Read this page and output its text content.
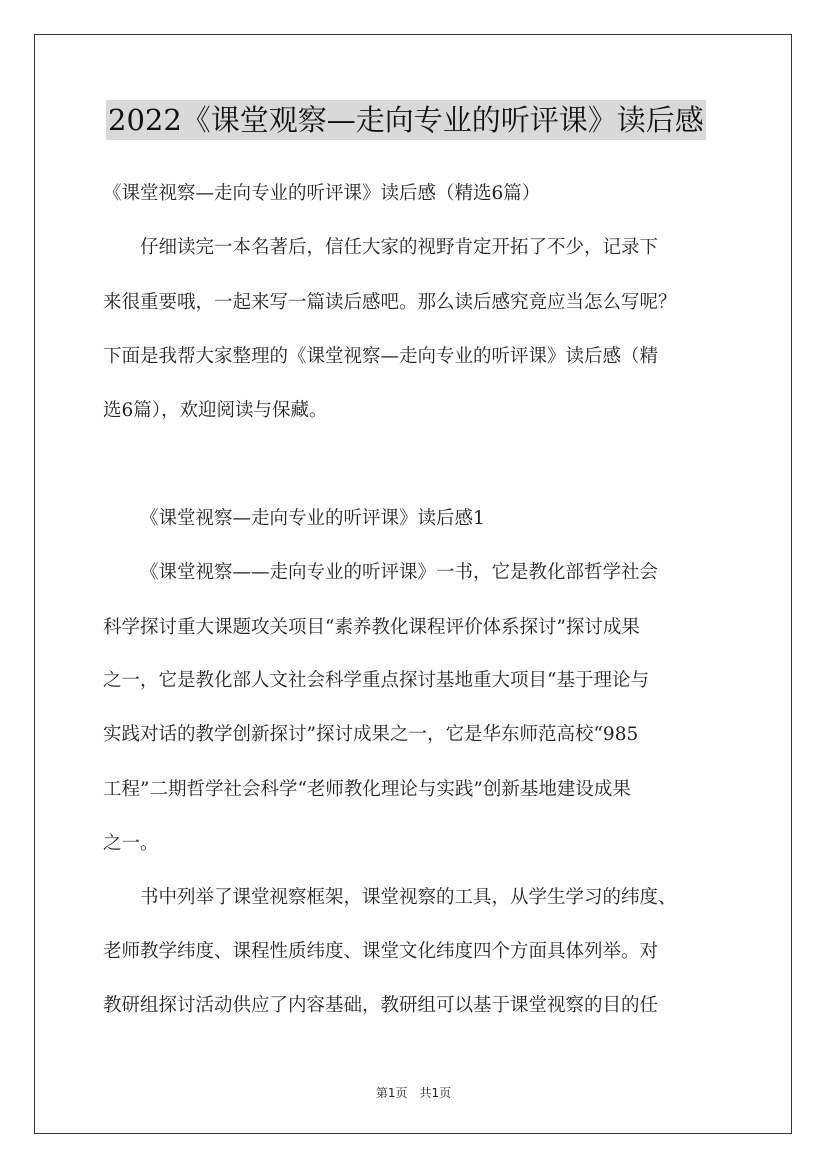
2022《课堂观察—走向专业的听评课》读后感
《课堂视察—走向专业的听评课》读后感（精选6篇）
仔细读完一本名著后，信任大家的视野肯定开拓了不少，记录下
来很重要哦，一起来写一篇读后感吧。那么读后感究竟应当怎么写呢？
下面是我帮大家整理的《课堂视察—走向专业的听评课》读后感（精
选6篇），欢迎阅读与保藏。
《课堂视察—走向专业的听评课》读后感1
《课堂视察——走向专业的听评课》一书，它是教化部哲学社会
科学探讨重大课题攻关项目“素养教化课程评价体系探讨”探讨成果
之一，它是教化部人文社会科学重点探讨基地重大项目“基于理论与
实践对话的教学创新探讨”探讨成果之一，它是华东师范高校“985
工程”二期哲学社会科学“老师教化理论与实践”创新基地建设成果
之一。
书中列举了课堂视察框架，课堂视察的工具，从学生学习的纬度、
老师教学纬度、课程性质纬度、课堂文化纬度四个方面具体列举。对
教研组探讨活动供应了内容基础，教研组可以基于课堂视察的目的任
第1页　共1页
